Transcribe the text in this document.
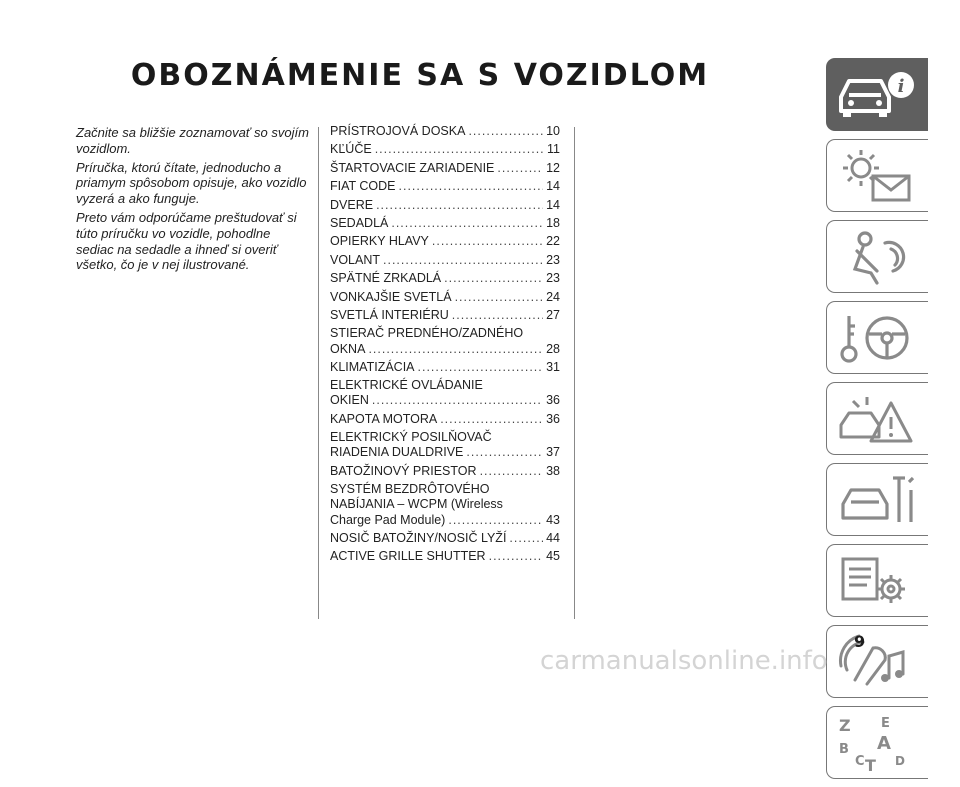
OBOZNÁMENIE SA S VOZIDLOM

Začnite sa bližšie zoznamovať so svojím vozidlom.

Príručka, ktorú čítate, jednoducho a priamym spôsobom opisuje, ako vozidlo vyzerá a ako funguje.

Preto vám odporúčame preštudovať si túto príručku vo vozidle, pohodlne sediac na sedadle a ihneď si overiť všetko, čo je v nej ilustrované.

PRÍSTROJOVÁ DOSKA .....	10
KĽÚČE .....	11
ŠTARTOVACIE ZARIADENIE .....	12
FIAT CODE .....	14
DVERE .....	14
SEDADLÁ .....	18
OPIERKY HLAVY .....	22
VOLANT .....	23
SPÄTNÉ ZRKADLÁ .....	23
VONKAJŠIE SVETLÁ .....	24
SVETLÁ INTERIÉRU .....	27
STIERAČ PREDNÉHO/ZADNÉHO
OKNA .....	28
KLIMATIZÁCIA .....	31
ELEKTRICKÉ OVLÁDANIE
OKIEN .....	36
KAPOTA MOTORA .....	36
ELEKTRICKÝ POSILŇOVAČ
RIADENIA DUALDRIVE .....	37
BATOŽINOVÝ PRIESTOR .....	38
SYSTÉM BEZDRÔTOVÉHO
NABÍJANIA – WCPM (Wireless
Charge Pad Module) .....	43
NOSIČ BATOŽINY/NOSIČ LYŽÍ .....	44
ACTIVE GRILLE SHUTTER .....	45
i
Z E
A
B
C T D
9
carmanualsonline.info
